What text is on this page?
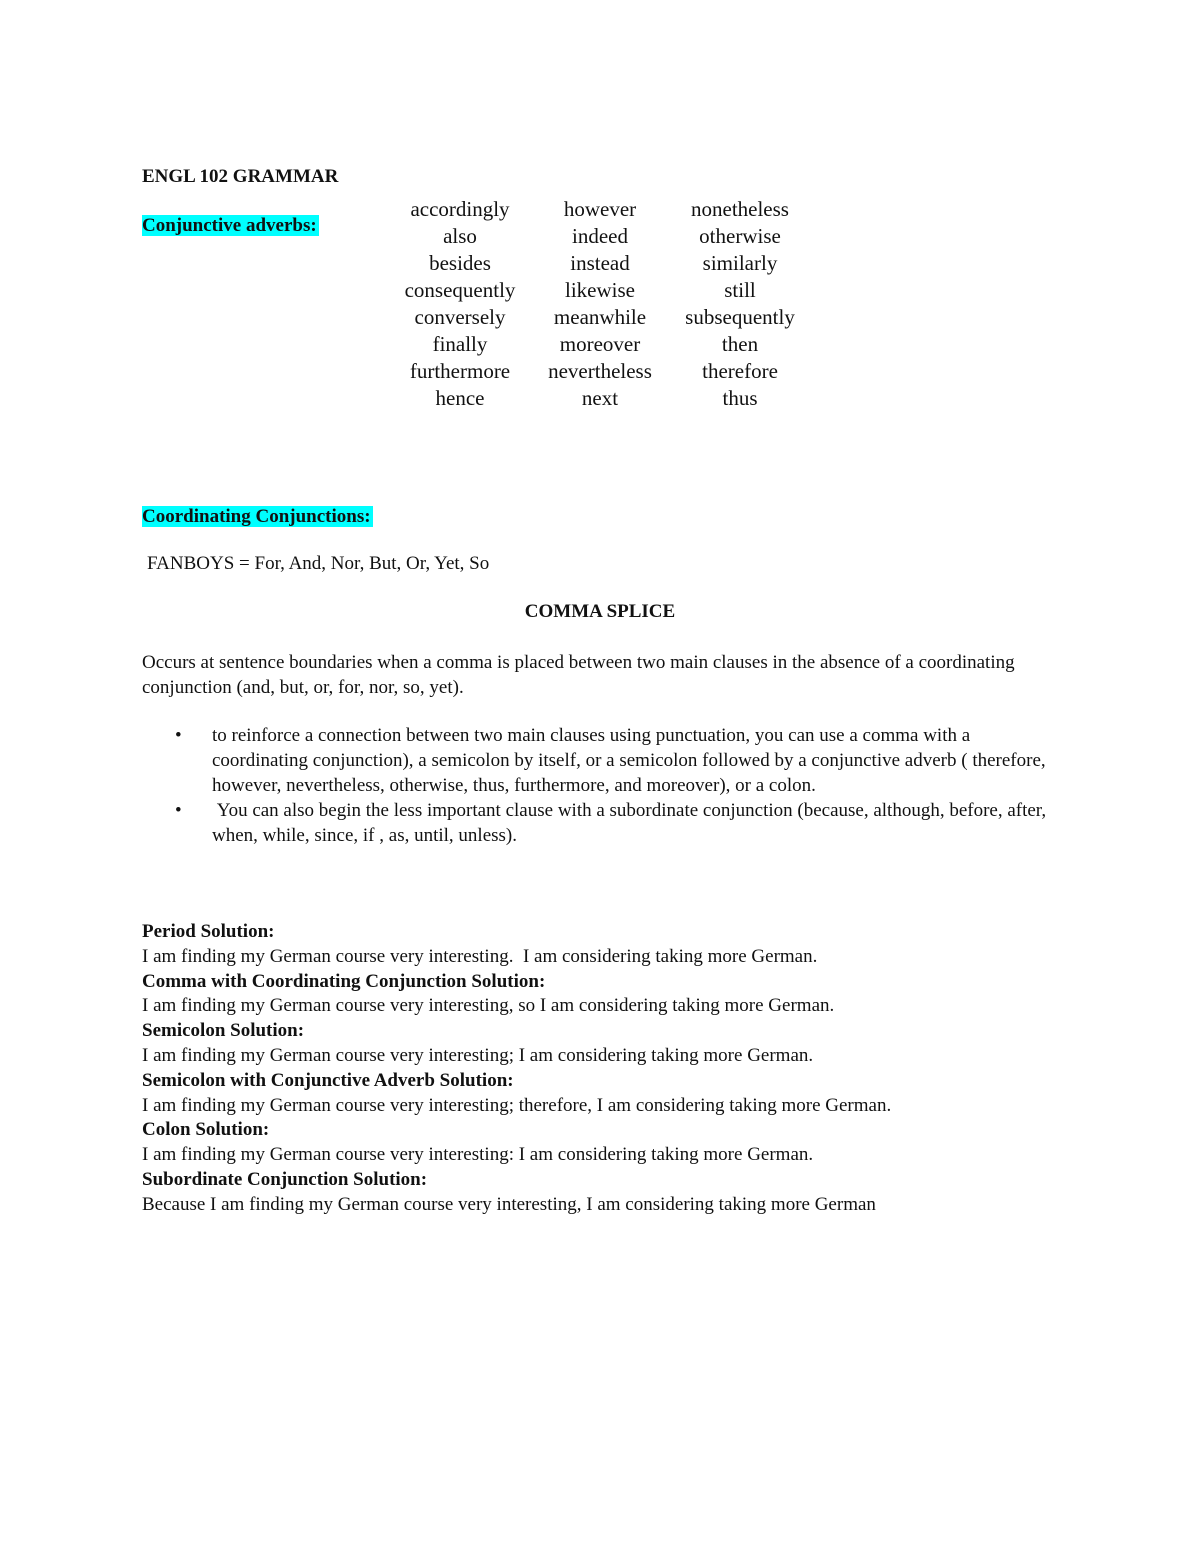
ENGL 102 GRAMMAR
Conjunctive adverbs:
accordingly
also
besides
consequently
conversely
finally
furthermore
hence
however
indeed
instead
likewise
meanwhile
moreover
nevertheless
next
nonetheless
otherwise
similarly
still
subsequently
then
therefore
thus
Coordinating Conjunctions:
FANBOYS = For, And, Nor, But, Or, Yet, So
COMMA SPLICE
Occurs at sentence boundaries when a comma is placed between two main clauses in the absence of a coordinating conjunction (and, but, or, for, nor, so, yet).
• to reinforce a connection between two main clauses using punctuation, you can use a comma with a coordinating conjunction), a semicolon by itself, or a semicolon followed by a conjunctive adverb ( therefore, however, nevertheless, otherwise, thus, furthermore, and moreover), or a colon.
• You can also begin the less important clause with a subordinate conjunction (because, although, before, after, when, while, since, if , as, until, unless).
Period Solution:
I am finding my German course very interesting.  I am considering taking more German.
Comma with Coordinating Conjunction Solution:
I am finding my German course very interesting, so I am considering taking more German.
Semicolon Solution:
I am finding my German course very interesting; I am considering taking more German.
Semicolon with Conjunctive Adverb Solution:
I am finding my German course very interesting; therefore, I am considering taking more German.
Colon Solution:
I am finding my German course very interesting: I am considering taking more German.
Subordinate Conjunction Solution:
Because I am finding my German course very interesting, I am considering taking more German
